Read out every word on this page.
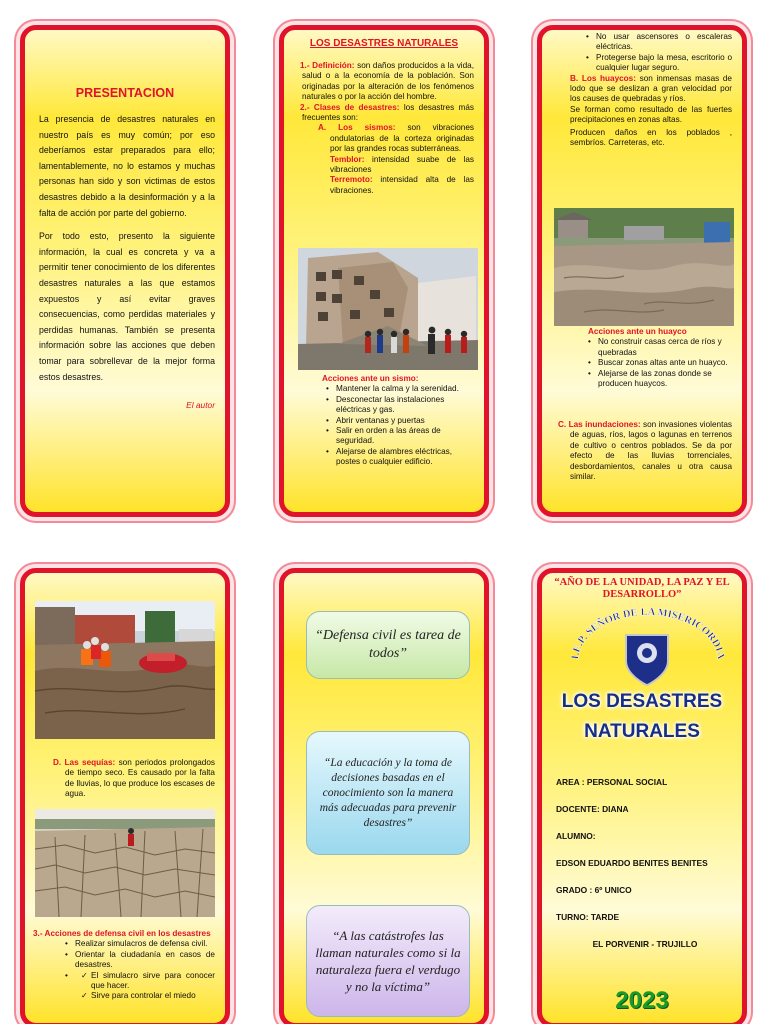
PRESENTACION

La presencia de desastres naturales en nuestro país es muy común; por eso deberíamos estar preparados para ello; lamentablemente, no lo estamos y muchas personas han sido y son victimas de estos desastres debido a la desinformación y a la falta de acción por parte del gobierno.

Por todo esto, presento la siguiente información, la cual es concreta y va a permitir tener conocimiento de los diferentes desastres naturales a las que estamos expuestos y así evitar graves consecuencias, como perdidas materiales y perdidas humanas. También se presenta información sobre las acciones que deben tomar para sobrellevar de la mejor forma estos desastres.

El autor
LOS DESASTRES NATURALES
1.- Definición: son daños producidos a la vida, salud o a la economía de la población. Son originadas por la alteración de los fenómenos naturales o por la acción del hombre.
2.- Clases de desastres: los desastres más frecuentes son:
A. Los sismos: son vibraciones ondulatorias de la corteza originadas por las grandes rocas subterráneas.
Temblor: intensidad suabe de las vibraciones
Terremoto: intensidad alta de las vibraciones.
Acciones ante un sismo:
• Mantener la calma y la serenidad.
• Desconectar las instalaciones eléctricas y gas.
• Abrir ventanas y puertas
• Salir en orden a las áreas de seguridad.
• Alejarse de alambres eléctricas, postes o cualquier edificio.
• No usar ascensores o escaleras eléctricas.
• Protegerse bajo la mesa, escritorio o cualquier lugar seguro.
B. Los huaycos: son inmensas masas de lodo que se deslizan a gran velocidad por los causes de quebradas y ríos.
Se forman como resultado de las fuertes precipitaciones en zonas altas.
Producen daños en los poblados , sembríos. Carreteras, etc.
Acciones ante un huayco
• No construir casas cerca de ríos y quebradas
• Buscar zonas altas ante un huayco.
• Alejarse de las zonas donde se producen huaycos.
C. Las inundaciones: son invasiones violentas de aguas, ríos, lagos o lagunas en terrenos de cultivo o centros poblados. Se da por efecto de las lluvias torrenciales, desbordamientos, canales u otra causa similar.
D. Las sequías: son periodos prolongados de tiempo seco. Es causado por la falta de lluvias, lo que produce los escases de agua.
3.- Acciones de defensa civil en los desastres
• Realizar simulacros de defensa civil.
• Orientar la ciudadanía en casos de desastres.
✓ • El simulacro sirve para conocer que hacer.
✓ Sirve para controlar el miedo
“Defensa civil es tarea de todos”
“La educación y la toma de decisiones basadas en el conocimiento son la manera más adecuadas para prevenir desastres”
“A las catástrofes las llaman naturales como si la naturaleza fuera el verdugo y no la víctima”
“AÑO DE LA UNIDAD, LA PAZ Y EL DESARROLLO”
I.E.P. SEÑOR DE LA MISERICORDIA
LOS DESASTRES
NATURALES
AREA : PERSONAL SOCIAL
DOCENTE: DIANA
ALUMNO:
EDSON EDUARDO BENITES BENITES
GRADO : 6º UNICO
TURNO: TARDE
EL PORVENIR - TRUJILLO
2023
